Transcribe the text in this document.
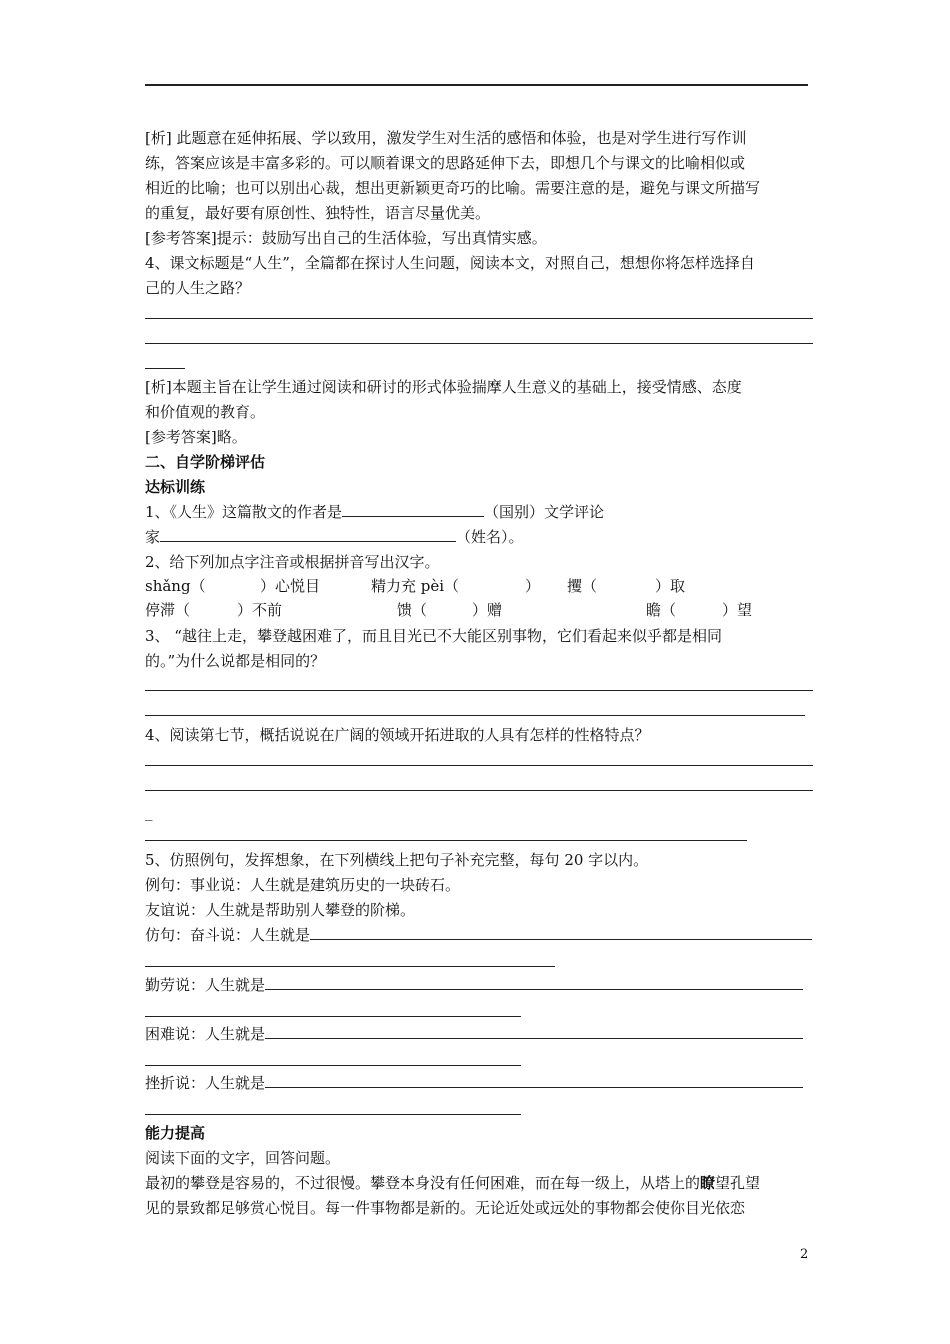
[析] 此题意在延伸拓展、学以致用，激发学生对生活的感悟和体验，也是对学生进行写作训
练，答案应该是丰富多彩的。可以顺着课文的思路延伸下去，即想几个与课文的比喻相似或
相近的比喻；也可以别出心裁，想出更新颖更奇巧的比喻。需要注意的是，避免与课文所描写
的重复，最好要有原创性、独特性，语言尽量优美。
[参考答案]提示：鼓励写出自己的生活体验，写出真情实感。
4、课文标题是“人生”，全篇都在探讨人生问题，阅读本文，对照自己，想想你将怎样选择自
己的人生之路？
[析]本题主旨在让学生通过阅读和研讨的形式体验揣摩人生意义的基础上，接受情感、态度
和价值观的教育。
[参考答案]略。
二、自学阶梯评估
达标训练
1、《人生》这篇散文的作者是	（国别）文学评论
家	（姓名）。
2、给下列加点字注音或根据拼音写出汉字。
shǎng（	）心悦目	精力充 pèi（	） 攫（	）取
停滞（	）不前	馈（	）赠	瞻（	）望
3、 “越往上走，攀登越困难了，而且目光已不大能区别事物，它们看起来似乎都是相同
的。”为什么说都是相同的？
4、阅读第七节，概括说说在广阔的领域开拓进取的人具有怎样的性格特点？
_
5、仿照例句，发挥想象，在下列横线上把句子补充完整，每句 20 字以内。
例句：事业说：人生就是建筑历史的一块砖石。
友谊说：人生就是帮助别人攀登的阶梯。
仿句：奋斗说：人生就是
勤劳说：人生就是
困难说：人生就是
挫折说：人生就是
能力提高
阅读下面的文字，回答问题。
最初的攀登是容易的，不过很慢。攀登本身没有任何困难，而在每一级上，从塔上的瞭望孔望
见的景致都足够赏心悦目。每一件事物都是新的。无论近处或远处的事物都会使你目光依恋
2
